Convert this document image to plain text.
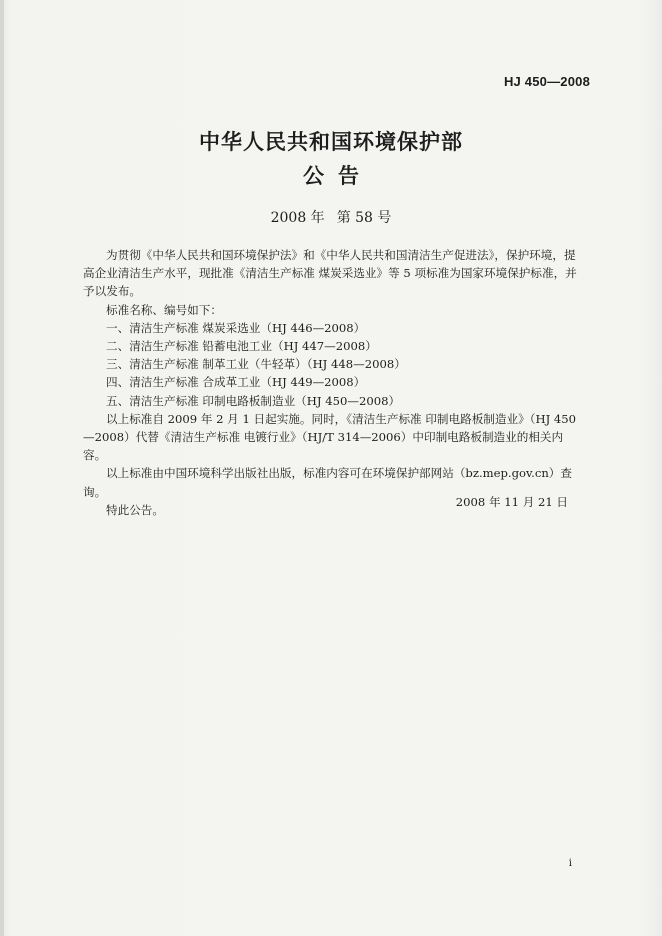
HJ 450—2008
中华人民共和国环境保护部
公告
2008 年 第 58 号

为贯彻《中华人民共和国环境保护法》和《中华人民共和国清洁生产促进法》，保护环境，提高企业清洁生产水平，现批准《清洁生产标准 煤炭采选业》等 5 项标准为国家环境保护标准，并予以发布。

标准名称、编号如下：
一、清洁生产标准 煤炭采选业（HJ 446—2008）
二、清洁生产标准 铅蓄电池工业（HJ 447—2008）
三、清洁生产标准 制革工业（牛轻革）（HJ 448—2008）
四、清洁生产标准 合成革工业（HJ 449—2008）
五、清洁生产标准 印制电路板制造业（HJ 450—2008）

以上标准自 2009 年 2 月 1 日起实施。同时，《清洁生产标准 印制电路板制造业》（HJ 450—2008）代替《清洁生产标准 电镀行业》（HJ/T 314—2006）中印制电路板制造业的相关内容。

以上标准由中国环境科学出版社出版，标准内容可在环境保护部网站（bz.mep.gov.cn）查询。

特此公告。

2008 年 11 月 21 日
i
